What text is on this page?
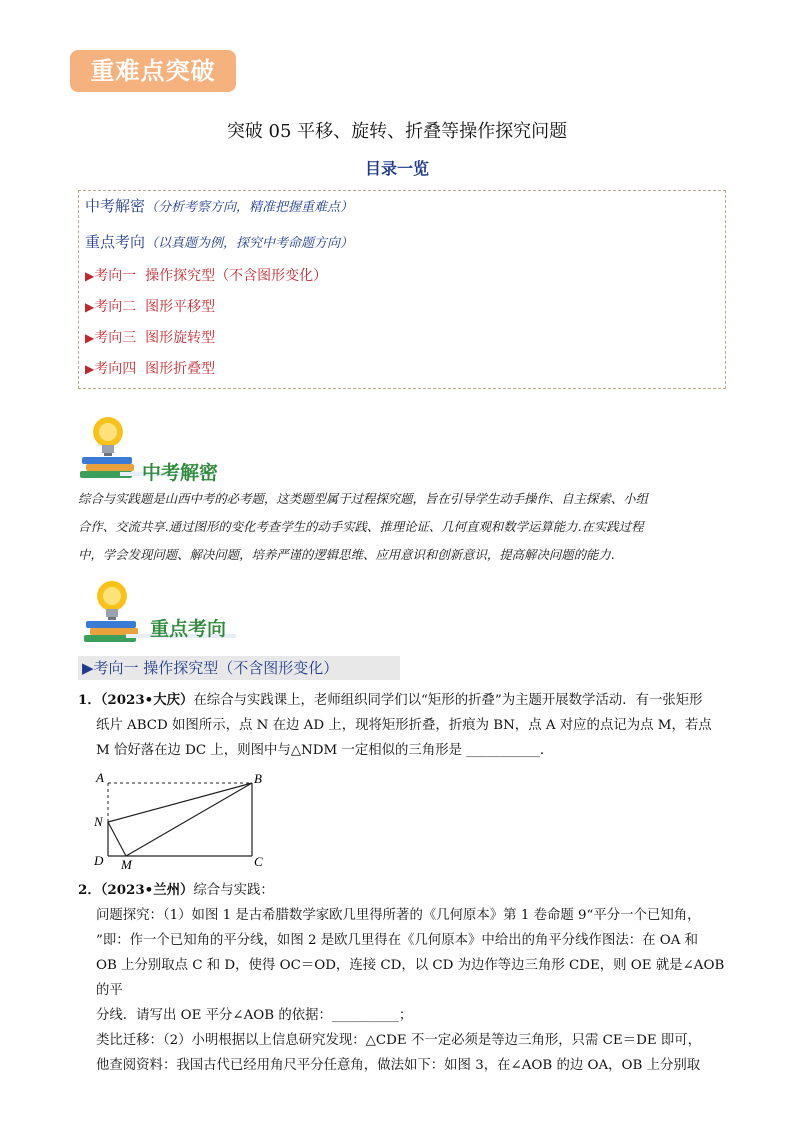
重难点突破
突破 05 平移、旋转、折叠等操作探究问题
目录一览
中考解密（分析考察方向，精准把握重难点）
重点考向（以真题为例，探究中考命题方向）
▶考向一 操作探究型（不含图形变化）
▶考向二 图形平移型
▶考向三 图形旋转型
▶考向四 图形折叠型
中考解密
综合与实践题是山西中考的必考题，这类题型属于过程探究题，旨在引导学生动手操作、自主探索、小组
合作、交流共享.通过图形的变化考查学生的动手实践、推理论证、几何直观和数学运算能力.在实践过程
中，学会发现问题、解决问题，培养严谨的逻辑思维、应用意识和创新意识，提高解决问题的能力.
重点考向
▶考向一 操作探究型（不含图形变化）
1．（2023•大庆）在综合与实践课上，老师组织同学们以“矩形的折叠”为主题开展数学活动．有一张矩形
纸片 ABCD 如图所示，点 N 在边 AD 上，现将矩形折叠，折痕为 BN，点 A 对应的点记为点 M，若点
M 恰好落在边 DC 上，则图中与△NDM 一定相似的三角形是 ___________．
A	B
C
D
N
M
2．（2023•兰州）综合与实践：
问题探究：（1）如图 1 是古希腊数学家欧几里得所著的《几何原本》第 1 卷命题 9“平分一个已知角，
”即：作一个已知角的平分线，如图 2 是欧几里得在《几何原本》中给出的角平分线作图法：在 OA 和
OB 上分别取点 C 和 D，使得 OC＝OD，连接 CD，以 CD 为边作等边三角形 CDE，则 OE 就是∠AOB
的平
分线．请写出 OE 平分∠AOB 的依据：__________；
类比迁移：（2）小明根据以上信息研究发现：△CDE 不一定必须是等边三角形，只需 CE＝DE 即可，
他查阅资料：我国古代已经用角尺平分任意角，做法如下：如图 3，在∠AOB 的边 OA，OB 上分别取
